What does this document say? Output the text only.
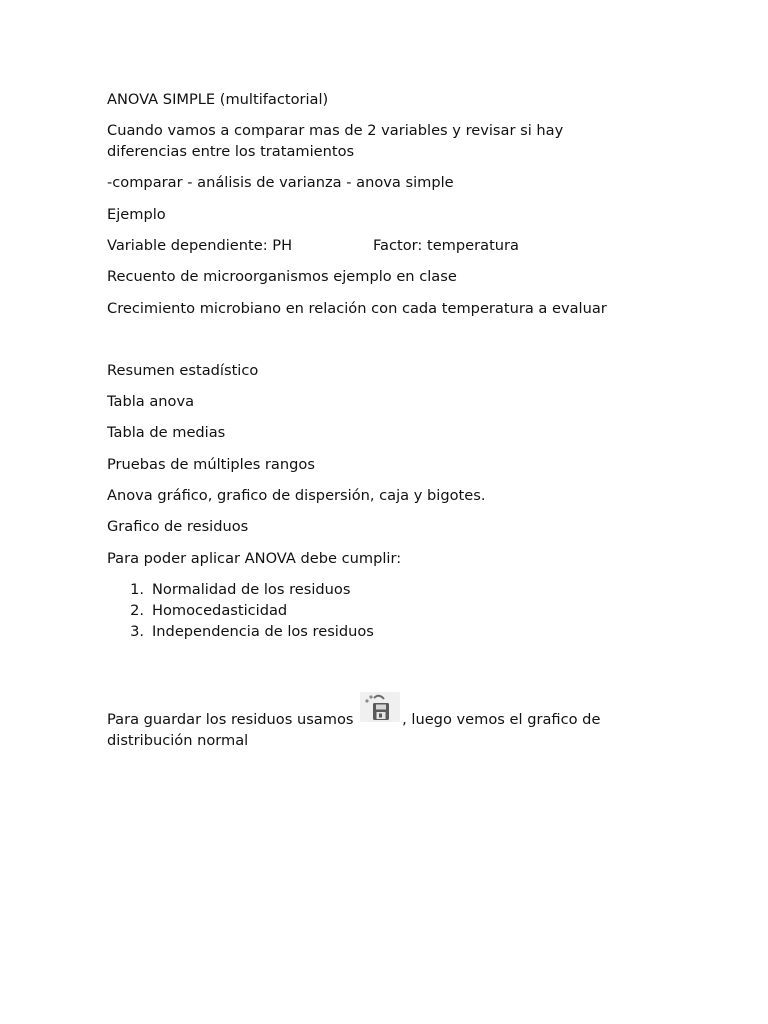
ANOVA SIMPLE (multifactorial)

Cuando vamos a comparar mas de 2 variables y revisar si hay diferencias entre los tratamientos

-comparar - análisis de varianza - anova simple

Ejemplo

Variable dependiente: PH	Factor: temperatura

Recuento de microorganismos ejemplo en clase

Crecimiento microbiano en relación con cada temperatura a evaluar

Resumen estadístico

Tabla anova

Tabla de medias

Pruebas de múltiples rangos

Anova gráfico, grafico de dispersión, caja y bigotes.

Grafico de residuos

Para poder aplicar ANOVA debe cumplir:

1. Normalidad de los residuos
2. Homocedasticidad
3. Independencia de los residuos

Para guardar los residuos usamos	, luego vemos el grafico de distribución normal
